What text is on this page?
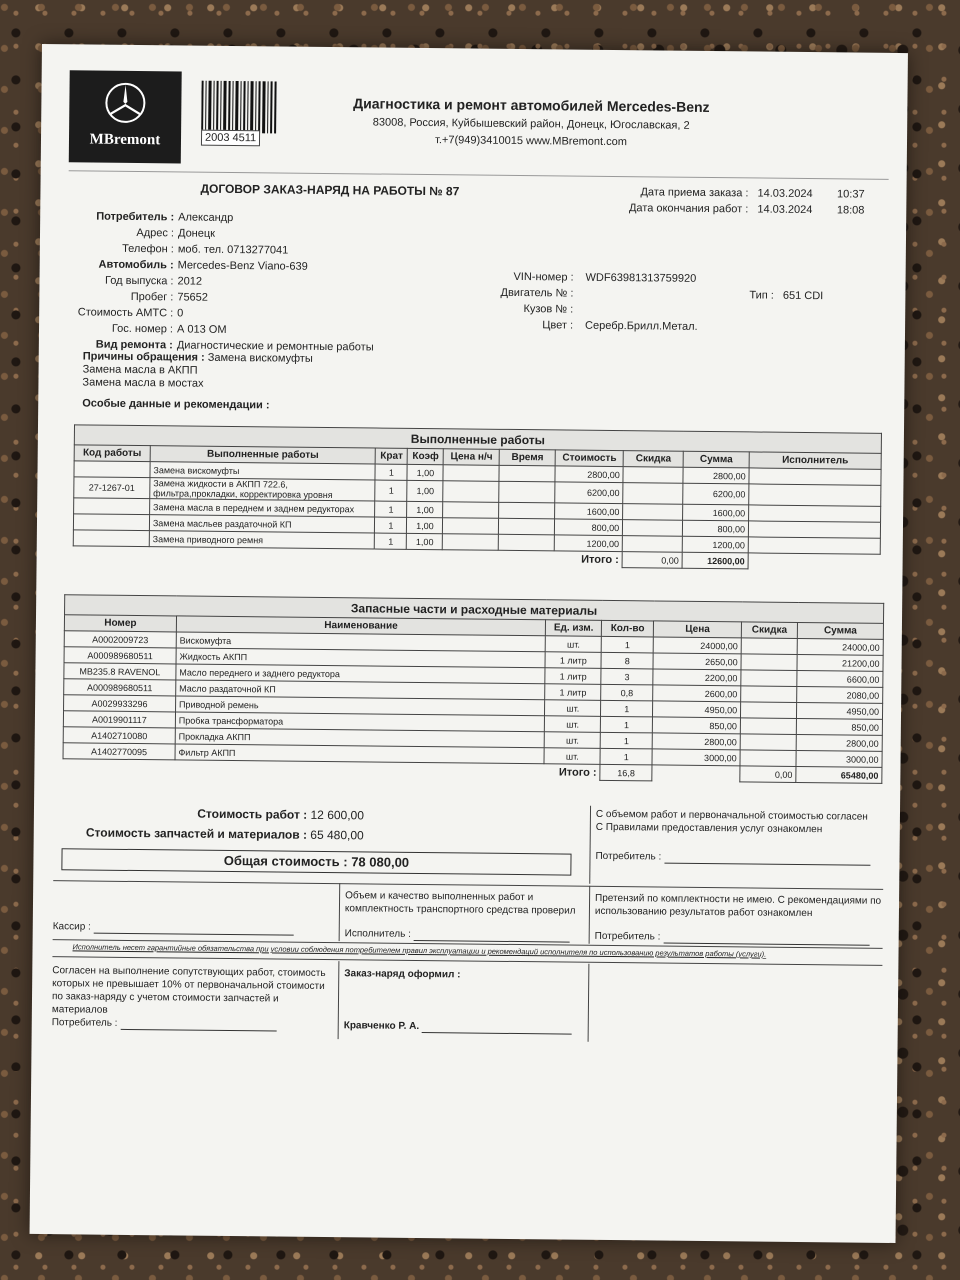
MBremont	2003 4511
Диагностика и ремонт автомобилей Mercedes-Benz
83008, Россия, Куйбышевский район, Донецк, Югославская, 2
т.+7(949)3410015 www.MBremont.com
ДОГОВОР ЗАКАЗ-НАРЯД НА РАБОТЫ № 87	Дата приема заказа : 14.03.2024 10:37
Дата окончания работ : 14.03.2024 18:08
Потребитель : Александр
Адрес : Донецк
Телефон : моб. тел. 0713277041
Автомобиль : Mercedes-Benz Viano-639
Год выпуска : 2012
Пробег : 75652
Стоимость АМТС : 0
Гос. номер : А 013 ОМ
Вид ремонта : Диагностические и ремонтные работы
VIN-номер :	WDF63981313759920
Двигатель № :
Кузов № :
Цвет :	Серебр.Брилл.Метал.
Тип : 651 CDI
Причины обращения : Замена вискомуфты
Замена масла в АКПП
Замена масла в мостах
Особые данные и рекомендации :
Выполненные работы									
Код работы	Выполненные работы	Крат	Коэф	Цена н/ч	Время	Стоимость	Скидка	Сумма	Исполнитель
	Замена вискомуфты	1	1,00			2800,00		2800,00	
27-1267-01	Замена жидкости в АКПП 722.6, фильтра,прокладки, корректировка уровня	1	1,00			6200,00		6200,00	
	Замена масла в переднем и заднем редукторах	1	1,00			1600,00		1600,00	
	Замена масльев раздаточной КП	1	1,00			800,00		800,00	
	Замена приводного ремня	1	1,00			1200,00		1200,00	
						Итого :	0,00	12600,00	
Запасные части и расходные материалы						
Номер	Наименование	Ед. изм.	Кол-во	Цена	Скидка	Сумма
A0002009723	Вискомуфта	шт.	1	24000,00		24000,00
A000989680511	Жидкость АКПП	1 литр	8	2650,00		21200,00
MB235.8 RAVENOL	Масло переднего и заднего редуктора	1 литр	3	2200,00		6600,00
A000989680511	Масло раздаточной КП	1 литр	0,8	2600,00		2080,00
A0029933296	Приводной ремень	шт.	1	4950,00		4950,00
A0019901117	Пробка трансформатора	шт.	1	850,00		850,00
A1402710080	Прокладка АКПП	шт.	1	2800,00		2800,00
A1402770095	Фильтр АКПП	шт.	1	3000,00		3000,00
		Итого :	16,8		0,00	65480,00
Стоимость работ : 12 600,00
Стоимость запчастей и материалов : 65 480,00
Общая стоимость : 78 080,00
С объемом работ и первоначальной стоимостью согласен
С Правилами предоставления услуг ознакомлен
Потребитель :
Кассир :
Объем и качество выполненных работ и комплектность транспортного средства проверил
Исполнитель :
Претензий по комплектности не имею. С рекомендациями по использованию результатов работ ознакомлен
Потребитель :
Исполнитель несет гарантийные обязательства при условии соблюдения потребителем правил эксплуатации и рекомендаций исполнителя по использованию результатов работы (услуги).
Согласен на выполнение сопутствующих работ, стоимость которых не превышает 10% от первоначальной стоимости по заказ-наряду с учетом стоимости запчастей и материалов
Потребитель :
Заказ-наряд оформил :
Кравченко Р. А.
